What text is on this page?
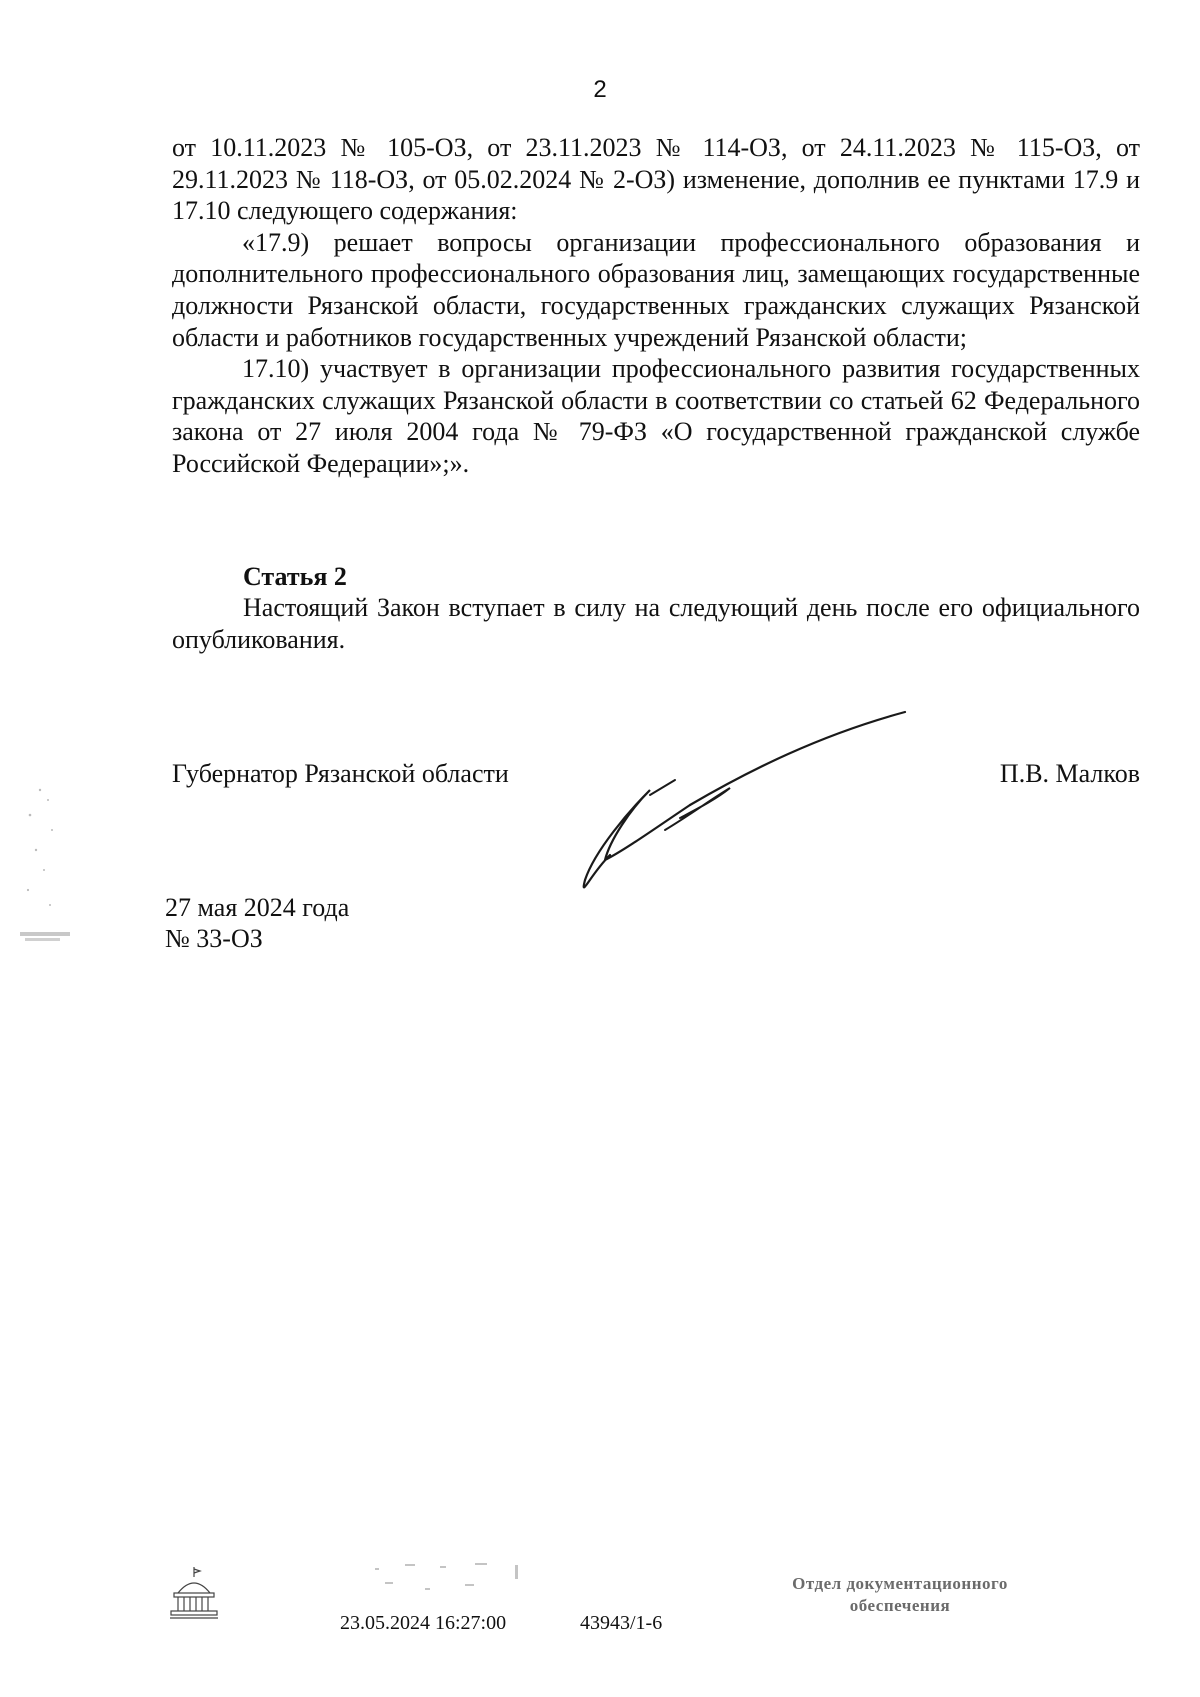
2

от 10.11.2023 № 105-ОЗ, от 23.11.2023 № 114-ОЗ, от 24.11.2023 № 115-ОЗ, от 29.11.2023 № 118-ОЗ, от 05.02.2024 № 2-ОЗ) изменение, дополнив ее пунктами 17.9 и 17.10 следующего содержания:

«17.9) решает вопросы организации профессионального образования и дополнительного профессионального образования лиц, замещающих государственные должности Рязанской области, государственных гражданских служащих Рязанской области и работников государственных учреждений Рязанской области;

17.10) участвует в организации профессионального развития государственных гражданских служащих Рязанской области в соответствии со статьей 62 Федерального закона от 27 июля 2004 года № 79-ФЗ «О государственной гражданской службе Российской Федерации»;».

Статья 2

Настоящий Закон вступает в силу на следующий день после его официального опубликования.

Губернатор Рязанской области	П.В. Малков
27 мая 2024 года
№ 33-ОЗ
23.05.2024 16:27:00	43943/1-6
Отдел документационного
обеспечения
